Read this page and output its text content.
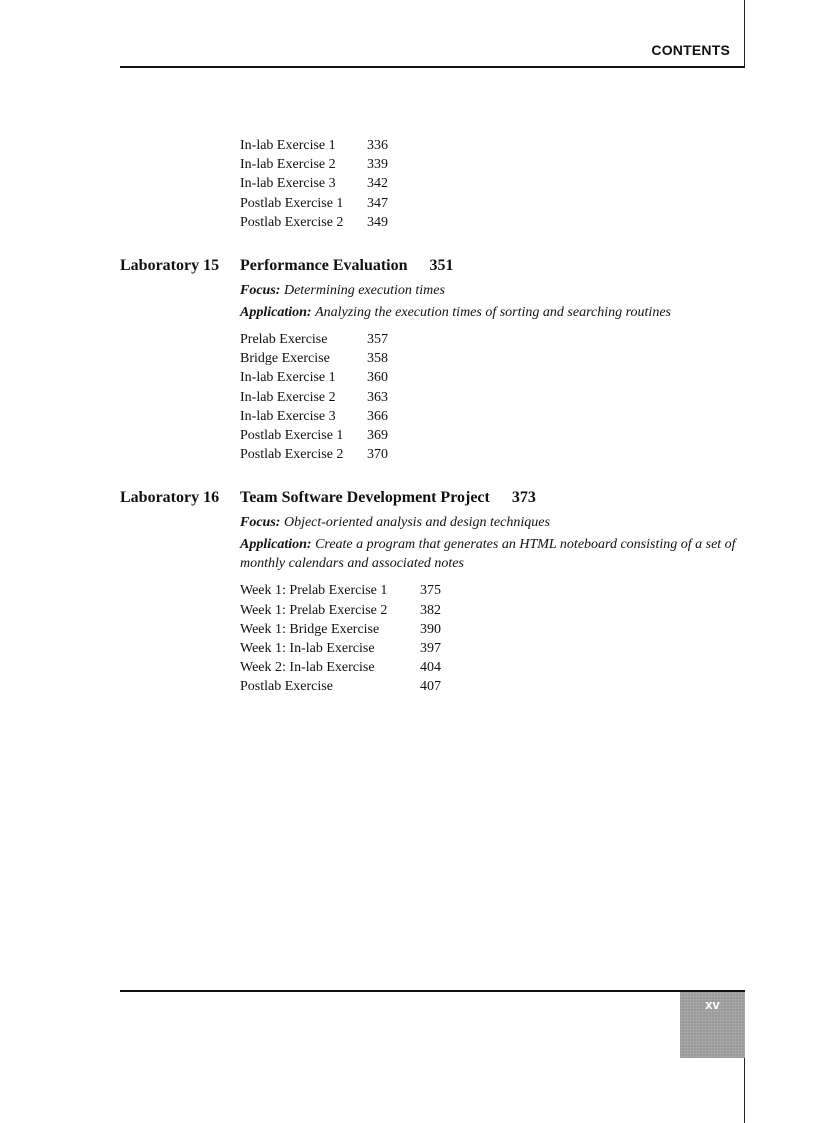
CONTENTS
In-lab Exercise 1	336
In-lab Exercise 2	339
In-lab Exercise 3	342
Postlab Exercise 1	347
Postlab Exercise 2	349
Laboratory 15 Performance Evaluation 351
Focus: Determining execution times
Application: Analyzing the execution times of sorting and searching routines
Prelab Exercise	357
Bridge Exercise	358
In-lab Exercise 1	360
In-lab Exercise 2	363
In-lab Exercise 3	366
Postlab Exercise 1	369
Postlab Exercise 2	370
Laboratory 16 Team Software Development Project 373
Focus: Object-oriented analysis and design techniques
Application: Create a program that generates an HTML noteboard consisting of a set of monthly calendars and associated notes
Week 1: Prelab Exercise 1	375
Week 1: Prelab Exercise 2	382
Week 1: Bridge Exercise	390
Week 1: In-lab Exercise	397
Week 2: In-lab Exercise	404
Postlab Exercise	407
xv
